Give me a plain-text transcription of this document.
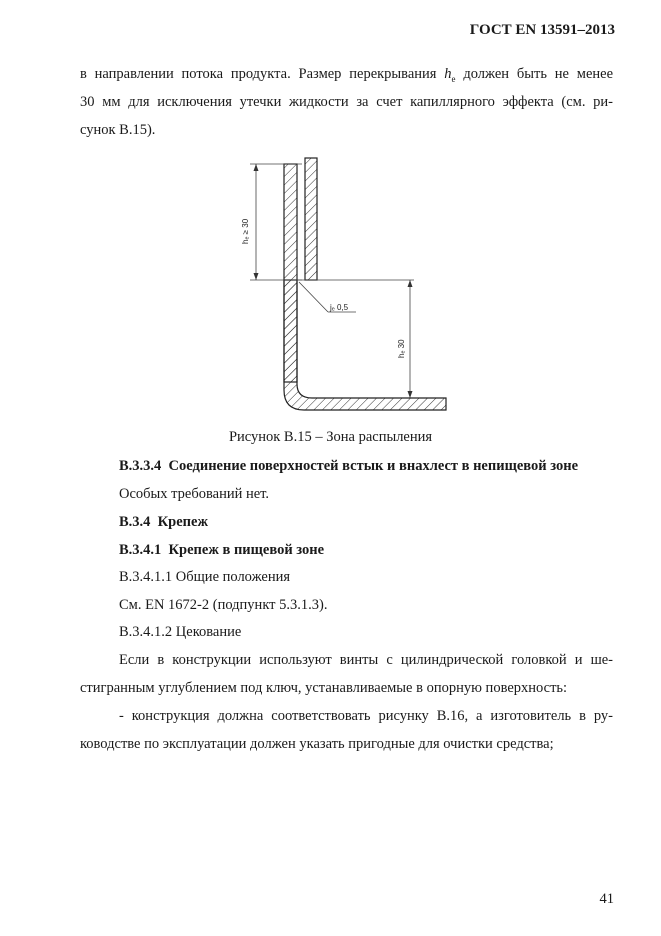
ГОСТ EN 13591–2013
в направлении потока продукта. Размер перекрывания $h_e$ должен быть не менее
30 мм для исключения утечки жидкости за счет капиллярного эффекта (см. ри-
сунок B.15).
hₑ ≥ 30
jₑ 0,5
hₑ 30
Рисунок B.15 – Зона распыления
B.3.3.4 Соединение поверхностей встык и внахлест в непищевой зоне
Особых требований нет.
B.3.4 Крепеж
B.3.4.1 Крепеж в пищевой зоне
B.3.4.1.1 Общие положения
См. EN 1672-2 (подпункт 5.3.1.3).
B.3.4.1.2 Цекование
Если в конструкции используют винты с цилиндрической головкой и ше-
стигранным углублением под ключ, устанавливаемые в опорную поверхность:
- конструкция должна соответствовать рисунку B.16, а изготовитель в ру-
ководстве по эксплуатации должен указать пригодные для очистки средства;
41
